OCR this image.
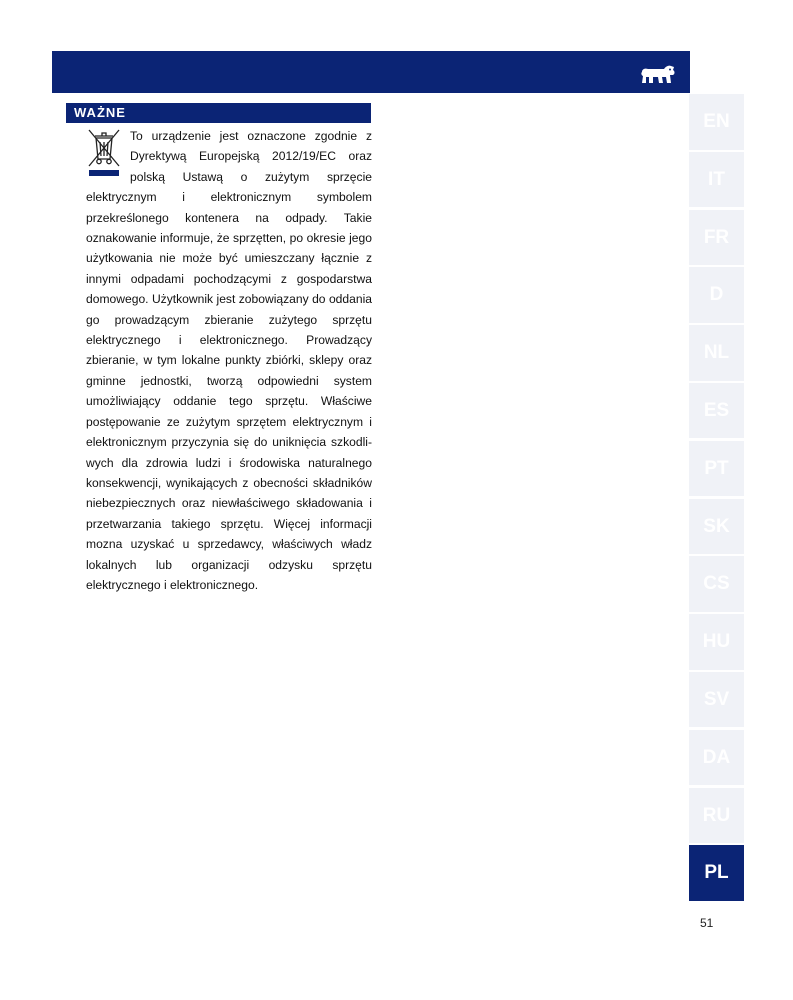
WAŻNE
To urządzenie jest oznaczone zgodnie z Dyrektywą Europejską 2012/19/EC oraz polską Ustawą o zużytym sprzęcie elektrycznym i elektronicznym symbolem przekreślonego kontenera na odpady. Takie oznakowanie informuje, że sprzętten, po okresie jego użytkowania nie może być umieszczany łącznie z innymi odpadami pochodzącymi z gospodarstwa domowego. Użytkownik jest zobowiązany do oddania go prowadzącym zbieranie zużytego sprzętu elektrycznego i elektronicznego. Prowadzący zbieranie, w tym lokalne punkty zbiórki, sklepy oraz gminne jednostki, tworzą odpowiedni system umożliwiający oddanie tego sprzętu. Właściwe postępowanie ze zużytym sprzętem elektrycznym i elektronicznym przyczynia się do uniknięcia szkodliwych dla zdrowia ludzi i środowiska naturalnego konsekwencji, wynikających z obecności składników niebezpiecznych oraz niewłaściwego składowania i przetwarzania takiego sprzętu. Więcej informacji mozna uzyskać u sprzedawcy, właściwych władz lokalnych lub organizacji odzysku sprzętu elektrycznego i elektronicznego.
EN
IT
FR
D
NL
ES
PT
SK
CS
HU
SV
DA
RU
PL
51
